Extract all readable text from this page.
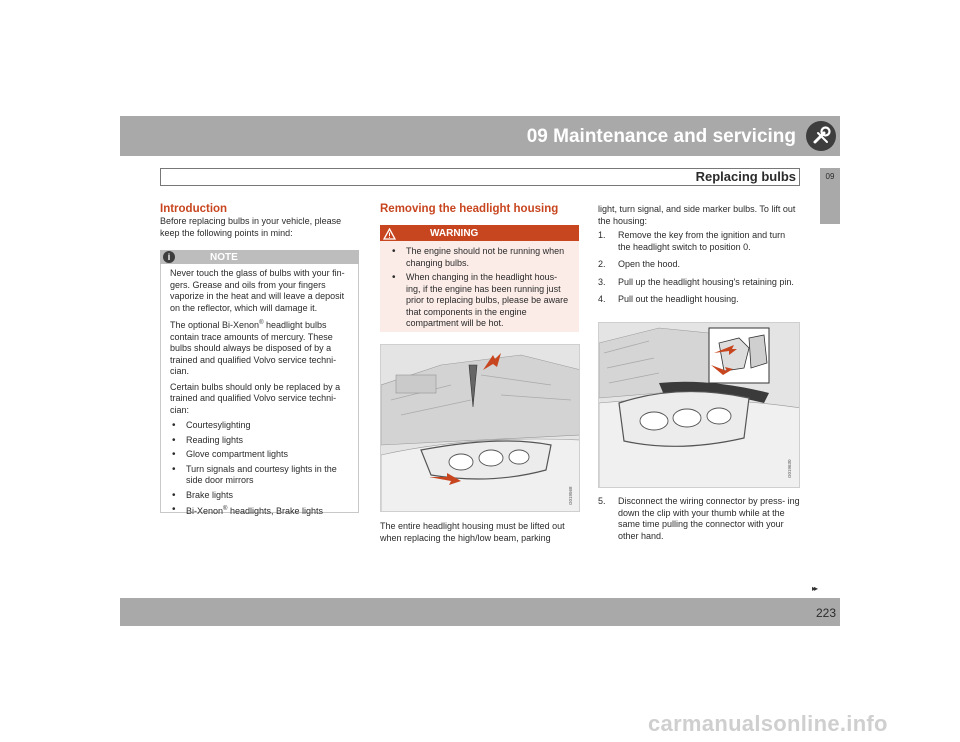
09 Maintenance and servicing
Replacing bulbs	09
Introduction
Before replacing bulbs in your vehicle, please keep the following points in mind:
i	NOTE
Never touch the glass of bulbs with your fin- gers. Grease and oils from your fingers vaporize in the heat and will leave a deposit on the reflector, which will damage it.
The optional Bi-Xenon® headlight bulbs contain trace amounts of mercury. These bulbs should always be disposed of by a trained and qualified Volvo service techni- cian.
Certain bulbs should only be replaced by a trained and qualified Volvo service techni- cian:
• Courtesylighting
• Reading lights
• Glove compartment lights
• Turn signals and courtesy lights in the side door mirrors
• Brake lights
• Bi-Xenon® headlights, Brake lights
Removing the headlight housing
WARNING
• The engine should not be running when changing bulbs.
• When changing in the headlight hous- ing, if the engine has been running just prior to replacing bulbs, please be aware that components in the engine compartment will be hot.
G019568
The entire headlight housing must be lifted out when replacing the high/low beam, parking
light, turn signal, and side marker bulbs. To lift out the housing:
1. Remove the key from the ignition and turn the headlight switch to position 0.
2. Open the hood.
3. Pull up the headlight housing's retaining pin.
4. Pull out the headlight housing.
G019630
5. Disconnect the wiring connector by press- ing down the clip with your thumb while at the same time pulling the connector with your other hand.
▸▸
223
carmanualsonline.info
